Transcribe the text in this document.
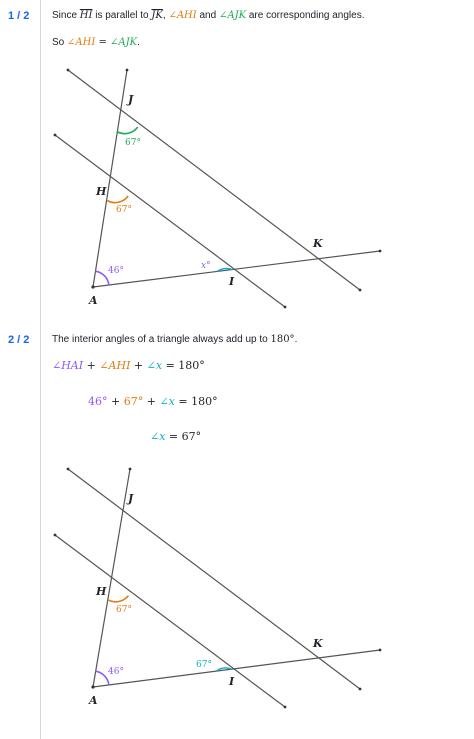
1 / 2 Since $\overline{HI}$ is parallel to $\overline{JK}$, ∠AHI and ∠AJK are corresponding angles.
So ∠AHI = ∠AJK.
J
H
A
I
K
67°
67°
46°	x°
J
H
A
I
K
67°
46°
67°
2 / 2 The interior angles of a triangle always add up to 180°.
∠HAI + ∠AHI + ∠x = 180°
46° + 67° + ∠x = 180°
∠x = 67°
